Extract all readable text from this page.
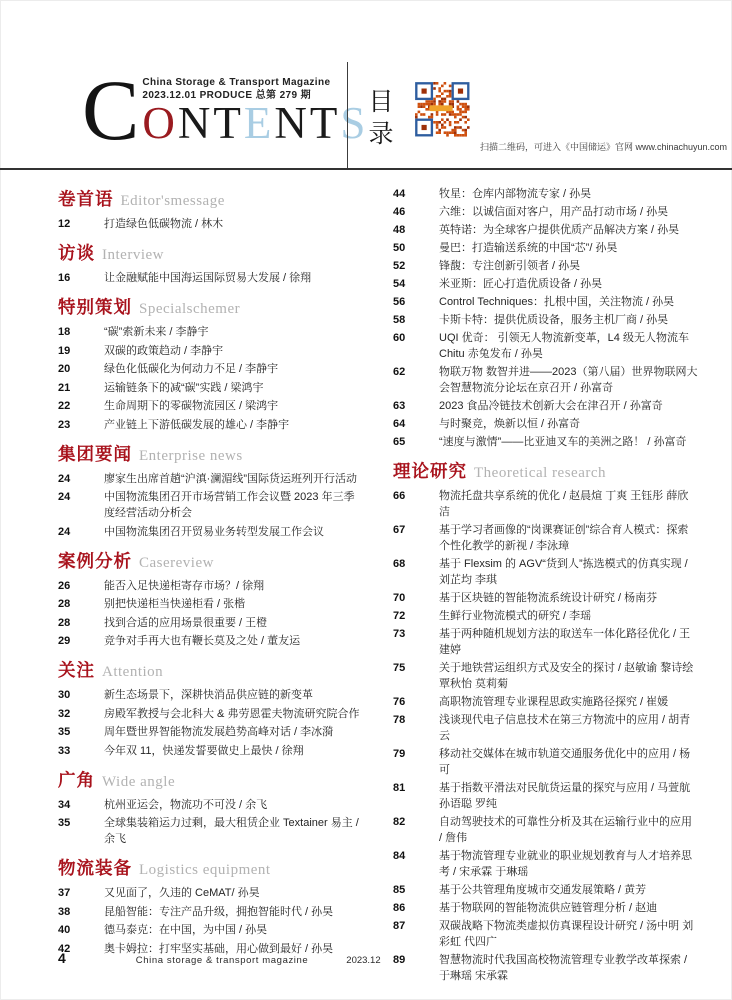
C China Storage & Transport Magazine
2023.12.01 PRODUCE 总第 279 期
ONTENTS
目录	扫描二维码，可进入《中国储运》官网 www.chinachuyun.com
卷首语 Editor'smessage
12	打造绿色低碳物流 / 林木
访谈 Interview
16	让金融赋能中国海运国际贸易大发展 / 徐翔
特别策划 Specialschemer
18	“碳”索新未来 / 李静宇
19	双碳的政策趋动 / 李静宇
20	绿色化低碳化为何动力不足 / 李静宇
21	运输链条下的减“碳”实践 / 梁鸿宇
22	生命周期下的零碳物流园区 / 梁鸿宇
23	产业链上下游低碳发展的雄心 / 李静宇
集团要闻 Enterprise news
24	廖家生出席首趟“沪滇·澜湄线”国际货运班列开行活动
24	中国物流集团召开市场营销工作会议暨 2023 年三季度经营活动分析会
24	中国物流集团召开贸易业务转型发展工作会议
案例分析 Casereview
26	能否入足快递柜寄存市场？/ 徐翔
28	别把快递柜当快递柜看 / 张楷
28	找到合适的应用场景很重要 / 王橙
29	竞争对手再大也有鞭长莫及之处 / 董友运
关注 Attention
30	新生态场景下，深耕快消品供应链的新变革
32	房殿军教授与会北科大 & 弗劳恩霍夫物流研究院合作
35	周年暨世界智能物流发展趋势高峰对话 / 李冰漪
33	今年双 11，快递发誓要做史上最快 / 徐翔
广角 Wide angle
34	杭州亚运会，物流功不可没 / 余飞
35	全球集装箱运力过剩，最大租赁企业 Textainer 易主 / 余飞
物流装备 Logistics equipment
37	又见面了，久违的 CeMAT/ 孙昊
38	昆船智能：专注产品升级，拥抱智能时代 / 孙昊
40	德马泰克：在中国，为中国 / 孙昊
42	奥卡姆拉：打牢坚实基础，用心做到最好 / 孙昊
44	牧星：仓库内部物流专家 / 孙昊
46	六维：以诚信面对客户，用产品打动市场 / 孙昊
48	英特诺：为全球客户提供优质产品解决方案 / 孙昊
50	曼巴：打造输送系统的中国“芯”/ 孙昊
52	锋馥：专注创新引领者 / 孙昊
54	米亚斯：匠心打造优质设备 / 孙昊
56	Control Techniques：扎根中国，关注物流 / 孙昊
58	卡斯卡特：提供优质设备，服务主机厂商 / 孙昊
60	UQI 优奇： 引领无人物流新变革，L4 级无人物流车 Chitu 赤兔发布 / 孙昊
62	物联万物 数智并进——2023（第八届）世界物联网大会智慧物流分论坛在京召开 / 孙富奇
63	2023 食品冷链技术创新大会在津召开 / 孙富奇
64	与时聚竞，焕新以恒 / 孙富奇
65	“速度与激情”——比亚迪叉车的美洲之路！ / 孙富奇
理论研究 Theoretical research
66	物流托盘共享系统的优化 / 赵晨煊 丁爽 王钰彤 薛欣洁
67	基于学习者画像的“岗课赛证创”综合育人模式：探索个性化教学的新视 / 李泳璋
68	基于 Flexsim 的 AGV“货到人”拣选模式的仿真实现 / 刘芷均 李琪
70	基于区块链的智能物流系统设计研究 / 杨南芬
72	生鲜行业物流模式的研究 / 李瑶
73	基于两种随机规划方法的取送车一体化路径优化 / 王建婷
75	关于地铁营运组织方式及安全的探讨 / 赵敏谕 黎诗绘 覃秋怡 莫莉菊
76	高职物流管理专业课程思政实施路径探究 / 崔媛
78	浅谈现代电子信息技术在第三方物流中的应用 / 胡青云
79	移动社交媒体在城市轨道交通服务优化中的应用 / 杨可
81	基于指数平滑法对民航货运量的探究与应用 / 马萱航 孙语聪 罗纯
82	自动驾驶技术的可靠性分析及其在运输行业中的应用 / 詹伟
84	基于物流管理专业就业的职业规划教育与人才培养思考 / 宋承霖 于琳瑶
85	基于公共管理角度城市交通发展策略 / 黄芳
86	基于物联网的智能物流供应链管理分析 / 赵迪
87	双碳战略下物流类虚拟仿真课程设计研究 / 汤中明 刘彩虹 代四广
89	智慧物流时代我国高校物流管理专业教学改革探索 / 于琳瑶 宋承霖
4	China storage & transport magazine	2023.12
